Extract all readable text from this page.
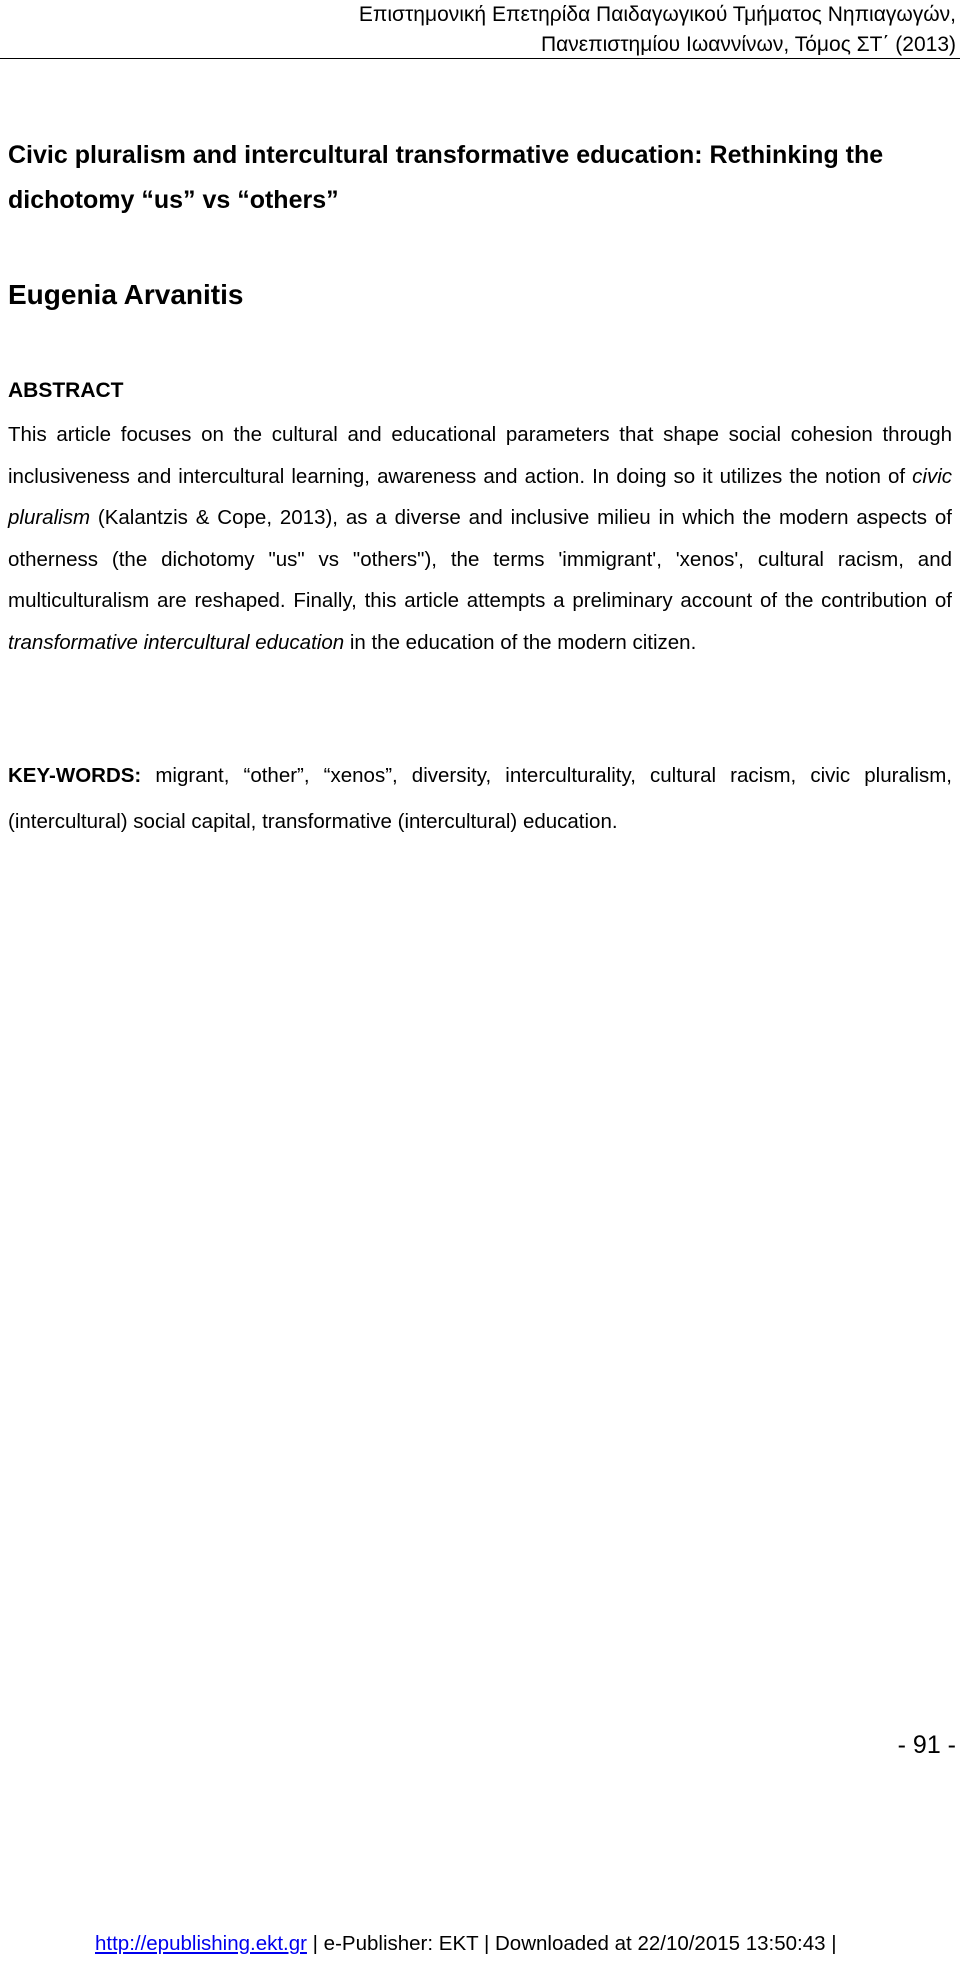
Επιστημονική Επετηρίδα Παιδαγωγικού Τμήματος Νηπιαγωγών,
Πανεπιστημίου Ιωαννίνων, Τόμος ΣΤ΄ (2013)
Civic pluralism and intercultural transformative education: Rethinking the dichotomy “us” vs “others”
Eugenia Arvanitis
ABSTRACT
This article focuses on the cultural and educational parameters that shape social cohesion through inclusiveness and intercultural learning, awareness and action. In doing so it utilizes the notion of civic pluralism (Kalantzis & Cope, 2013), as a diverse and inclusive milieu in which the modern aspects of otherness (the dichotomy "us" vs "others"), the terms 'immigrant', 'xenos', cultural racism, and multiculturalism are reshaped. Finally, this article attempts a preliminary account of the contribution of transformative intercultural education in the education of the modern citizen.
KEY-WORDS: migrant, “other”, “xenos”, diversity, interculturality, cultural racism, civic pluralism, (intercultural) social capital, transformative (intercultural) education.
- 91 -
http://epublishing.ekt.gr | e-Publisher: EKT | Downloaded at 22/10/2015 13:50:43 |
